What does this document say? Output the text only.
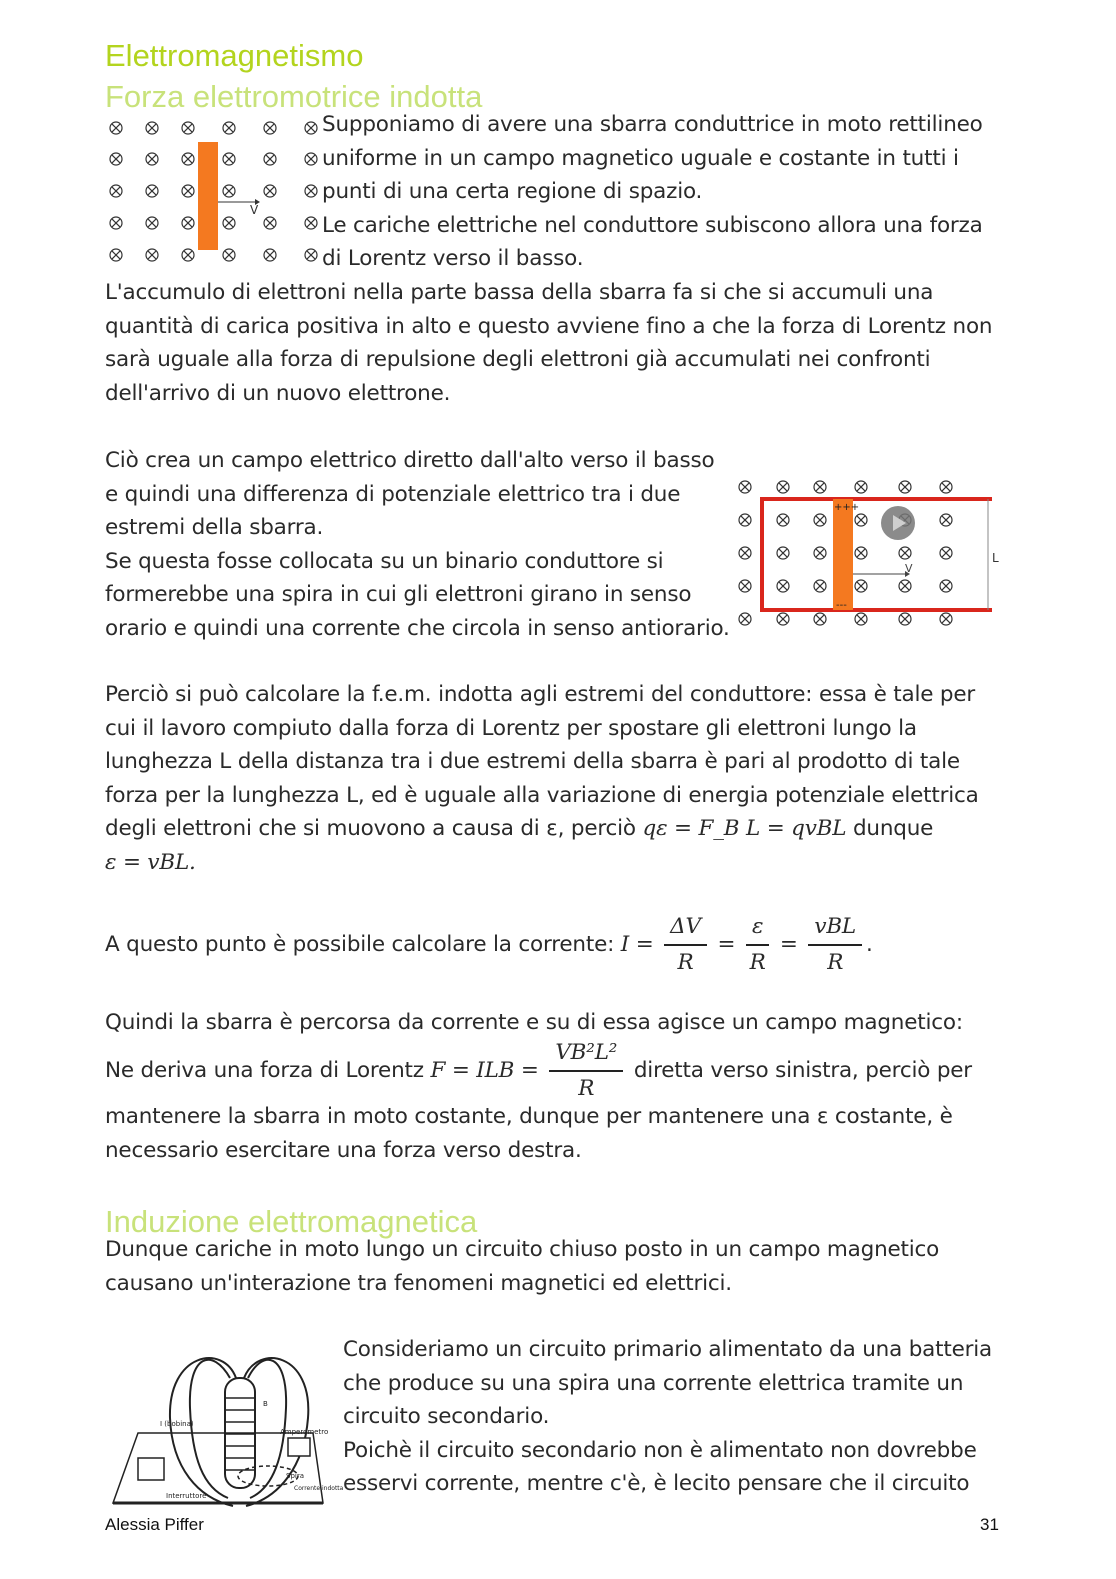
Elettromagnetismo
Forza elettromotrice indotta
V
Supponiamo di avere una sbarra conduttrice in moto rettilineo
uniforme in un campo magnetico uguale e costante in tutti i
punti di una certa regione di spazio.
Le cariche elettriche nel conduttore subiscono allora una forza
di Lorentz verso il basso.
L'accumulo di elettroni nella parte bassa della sbarra fa si che si accumuli una
quantità di carica positiva in alto e questo avviene fino a che la forza di Lorentz non
sarà uguale alla forza di repulsione degli elettroni già accumulati nei confronti
dell'arrivo di un nuovo elettrone.
Ciò crea un campo elettrico diretto dall'alto verso il basso
e quindi una differenza di potenziale elettrico tra i due
estremi della sbarra.
Se questa fosse collocata su un binario conduttore si
formerebbe una spira in cui gli elettroni girano in senso
orario e quindi una corrente che circola in senso antiorario.
+++
---
V
L
Perciò si può calcolare la f.e.m. indotta agli estremi del conduttore: essa è tale per
cui il lavoro compiuto dalla forza di Lorentz per spostare gli elettroni lungo la
lunghezza L della distanza tra i due estremi della sbarra è pari al prodotto di tale
forza per la lunghezza L, ed è uguale alla variazione di energia potenziale elettrica
degli elettroni che si muovono a causa di ε, perciò qε = F_B L = qvBL dunque
ε = vBL.
A questo punto è possibile calcolare la corrente: $I = \frac{\Delta V}{R} = \frac{\varepsilon}{R} = \frac{\text{vBL}}{R}$ .
Quindi la sbarra è percorsa da corrente e su di essa agisce un campo magnetico:
Ne deriva una forza di Lorentz F = ILB = $\frac{\text{VB²L²}}{R}$ diretta verso sinistra, perciò per
mantenere la sbarra in moto costante, dunque per mantenere una ε costante, è
necessario esercitare una forza verso destra.
Induzione elettromagnetica
Dunque cariche in moto lungo un circuito chiuso posto in un campo magnetico
causano un'interazione tra fenomeni magnetici ed elettrici.
I (bobina)
Amperometro
Spira
Corrente indotta
Interruttore
B
Consideriamo un circuito primario alimentato da una batteria
che produce su una spira una corrente elettrica tramite un
circuito secondario.
Poichè il circuito secondario non è alimentato non dovrebbe
esservi corrente, mentre c'è, è lecito pensare che il circuito
Alessia Piffer	31
